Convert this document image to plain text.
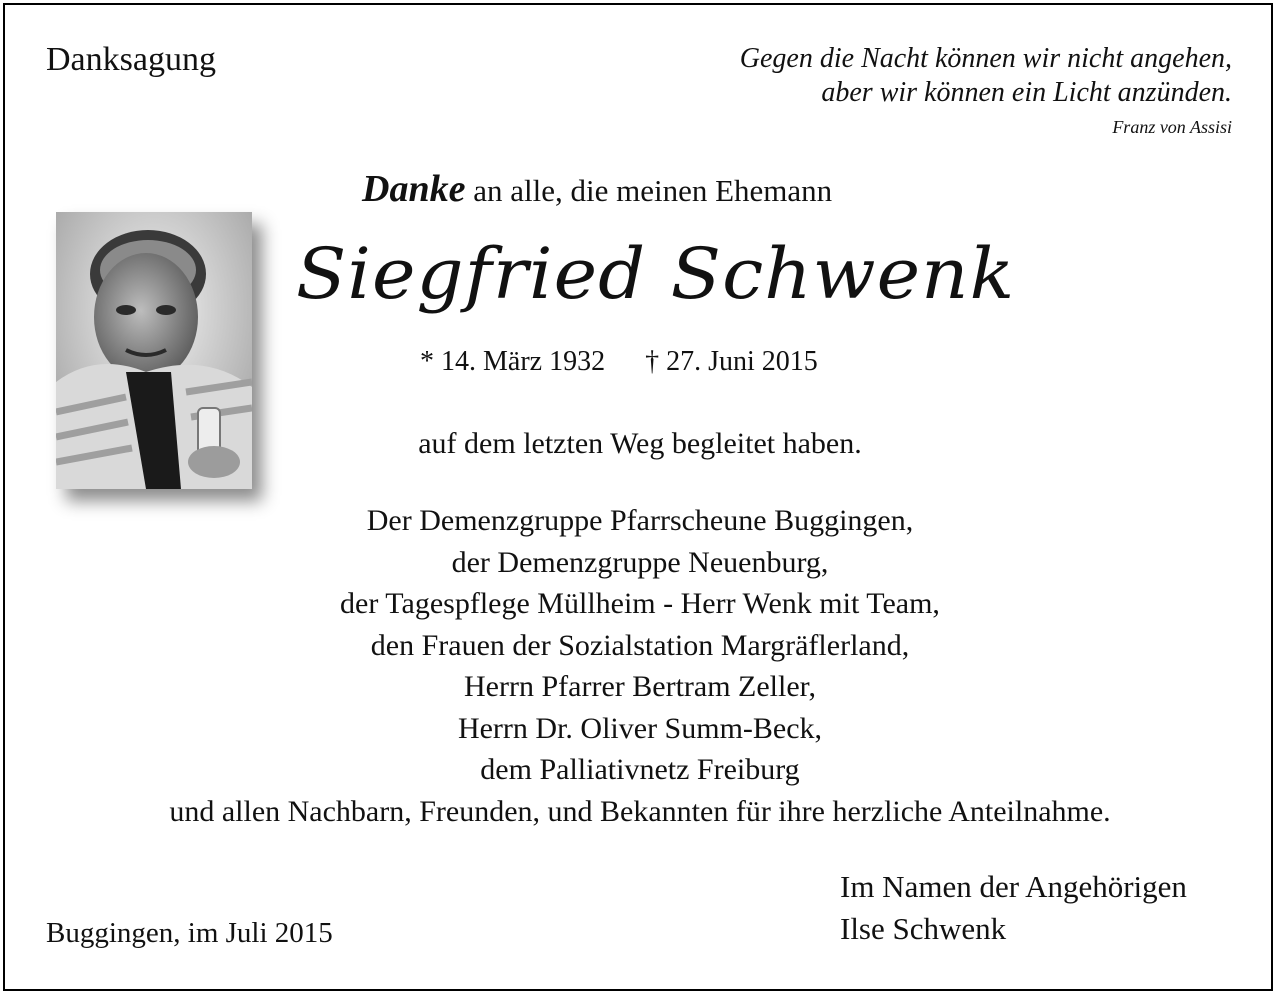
Danksagung	Gegen die Nacht können wir nicht angehen,
aber wir können ein Licht anzünden.
Franz von Assisi
Danke an alle, die meinen Ehemann
Siegfried Schwenk
* 14. März 1932 † 27. Juni 2015
auf dem letzten Weg begleitet haben.
Der Demenzgruppe Pfarrscheune Buggingen,
der Demenzgruppe Neuenburg,
der Tagespflege Müllheim - Herr Wenk mit Team,
den Frauen der Sozialstation Margräflerland,
Herrn Pfarrer Bertram Zeller,
Herrn Dr. Oliver Summ-Beck,
dem Palliativnetz Freiburg
und allen Nachbarn, Freunden, und Bekannten für ihre herzliche Anteilnahme.
Im Namen der Angehörigen
Ilse Schwenk
Buggingen, im Juli 2015
